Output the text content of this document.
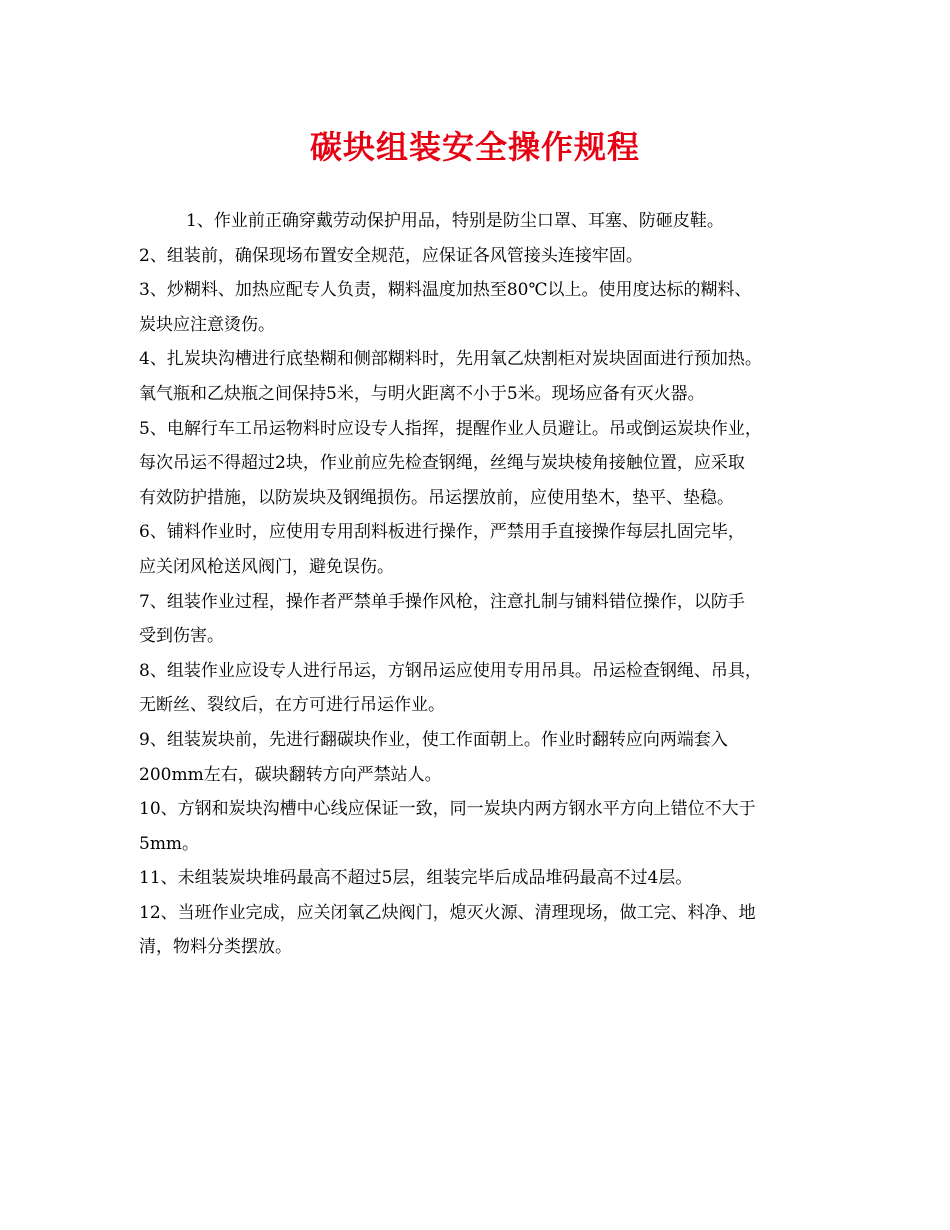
碳块组装安全操作规程
1、作业前正确穿戴劳动保护用品，特别是防尘口罩、耳塞、防砸皮鞋。
2、组装前，确保现场布置安全规范，应保证各风管接头连接牢固。
3、炒糊料、加热应配专人负责，糊料温度加热至80℃以上。使用度达标的糊料、
炭块应注意烫伤。
4、扎炭块沟槽进行底垫糊和侧部糊料时，先用氧乙炔割柜对炭块固面进行预加热。
氧气瓶和乙炔瓶之间保持5米，与明火距离不小于5米。现场应备有灭火器。
5、电解行车工吊运物料时应设专人指挥，提醒作业人员避让。吊或倒运炭块作业，
每次吊运不得超过2块，作业前应先检查钢绳，丝绳与炭块棱角接触位置，应采取
有效防护措施，以防炭块及钢绳损伤。吊运摆放前，应使用垫木，垫平、垫稳。
6、铺料作业时，应使用专用刮料板进行操作，严禁用手直接操作每层扎固完毕，
应关闭风枪送风阀门，避免误伤。
7、组装作业过程，操作者严禁单手操作风枪，注意扎制与铺料错位操作，以防手
受到伤害。
8、组装作业应设专人进行吊运，方钢吊运应使用专用吊具。吊运检查钢绳、吊具，
无断丝、裂纹后，在方可进行吊运作业。
9、组装炭块前，先进行翻碳块作业，使工作面朝上。作业时翻转应向两端套入
200mm左右，碳块翻转方向严禁站人。
10、方钢和炭块沟槽中心线应保证一致，同一炭块内两方钢水平方向上错位不大于
5mm。
11、未组装炭块堆码最高不超过5层，组装完毕后成品堆码最高不过4层。
12、当班作业完成，应关闭氧乙炔阀门，熄灭火源、清理现场，做工完、料净、地
清，物料分类摆放。
